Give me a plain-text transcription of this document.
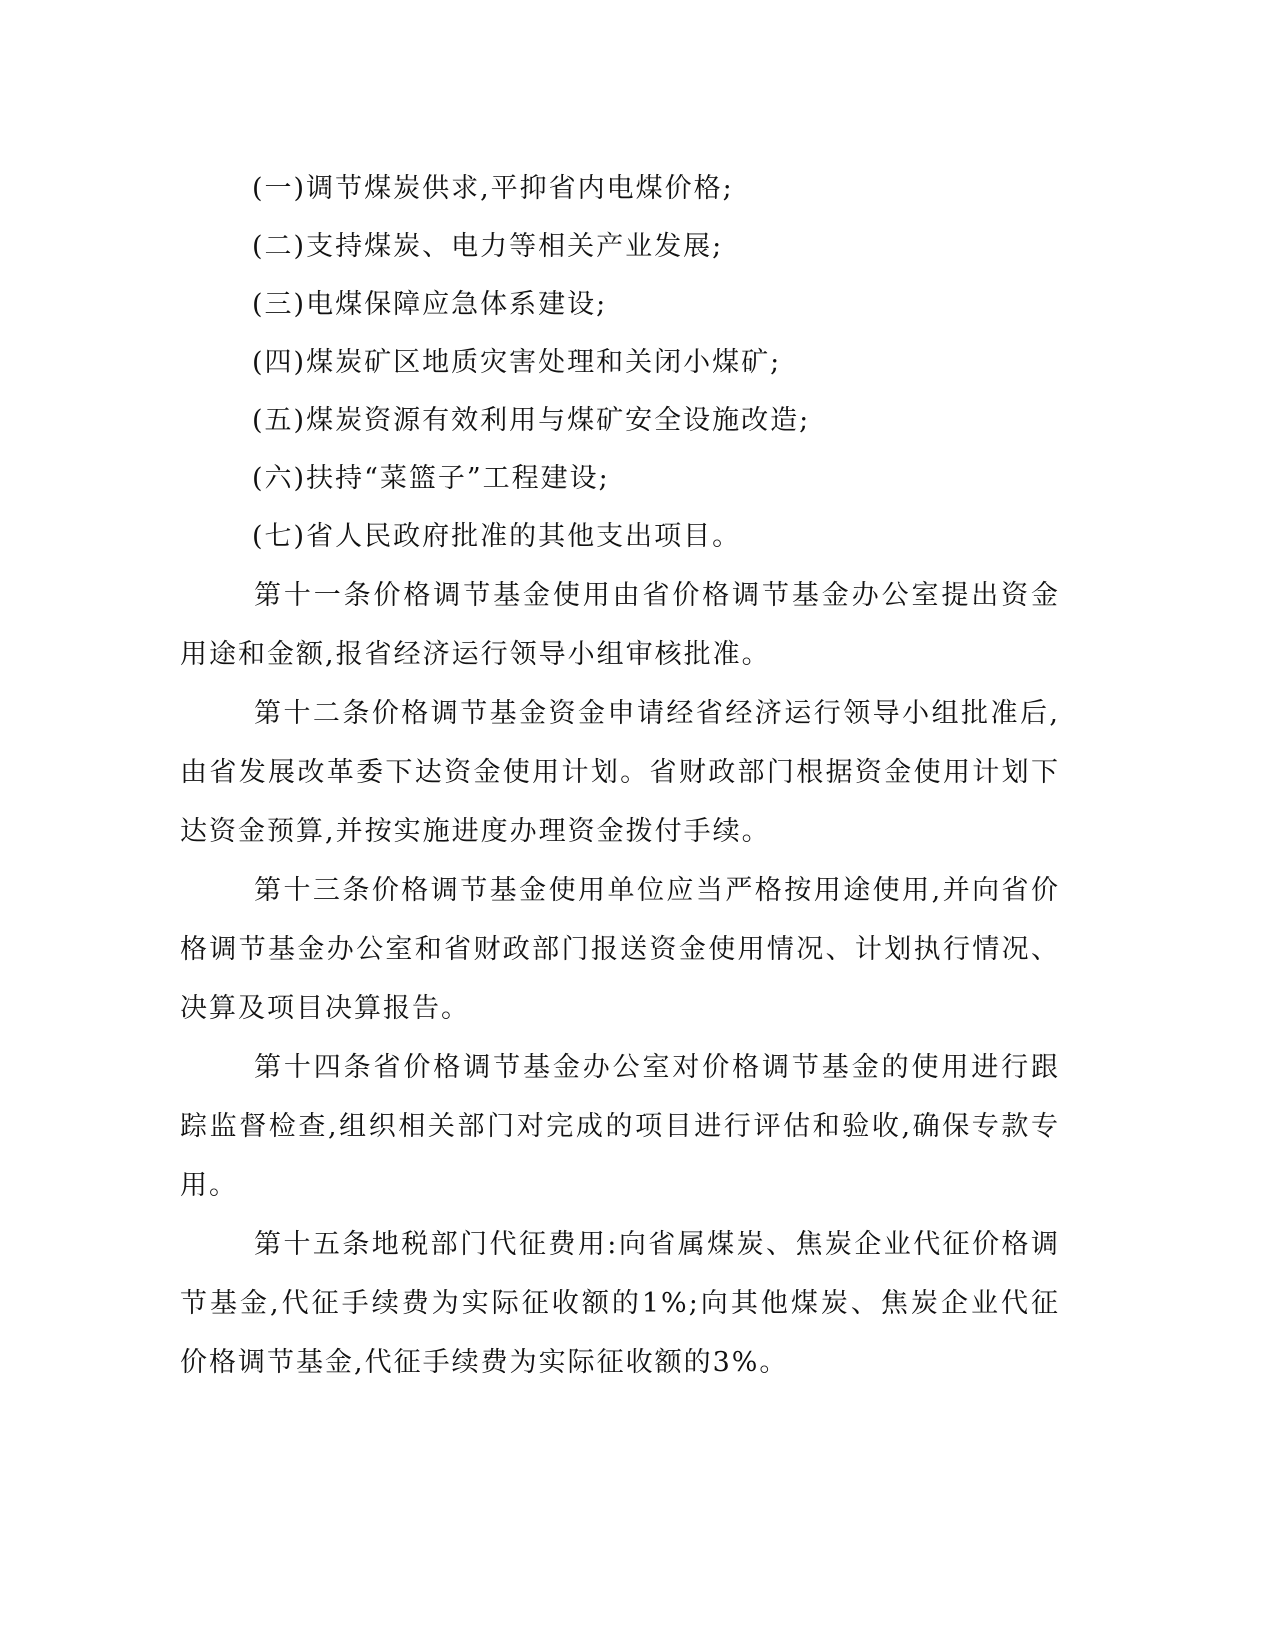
(一)调节煤炭供求,平抑省内电煤价格;

(二)支持煤炭、电力等相关产业发展;

(三)电煤保障应急体系建设;

(四)煤炭矿区地质灾害处理和关闭小煤矿;

(五)煤炭资源有效利用与煤矿安全设施改造;

(六)扶持“菜篮子”工程建设;

(七)省人民政府批准的其他支出项目。

第十一条价格调节基金使用由省价格调节基金办公室提出资金用途和金额,报省经济运行领导小组审核批准。

第十二条价格调节基金资金申请经省经济运行领导小组批准后,由省发展改革委下达资金使用计划。省财政部门根据资金使用计划下达资金预算,并按实施进度办理资金拨付手续。

第十三条价格调节基金使用单位应当严格按用途使用,并向省价格调节基金办公室和省财政部门报送资金使用情况、计划执行情况、决算及项目决算报告。

第十四条省价格调节基金办公室对价格调节基金的使用进行跟踪监督检查,组织相关部门对完成的项目进行评估和验收,确保专款专用。

第十五条地税部门代征费用:向省属煤炭、焦炭企业代征价格调节基金,代征手续费为实际征收额的1%;向其他煤炭、焦炭企业代征价格调节基金,代征手续费为实际征收额的3%。
